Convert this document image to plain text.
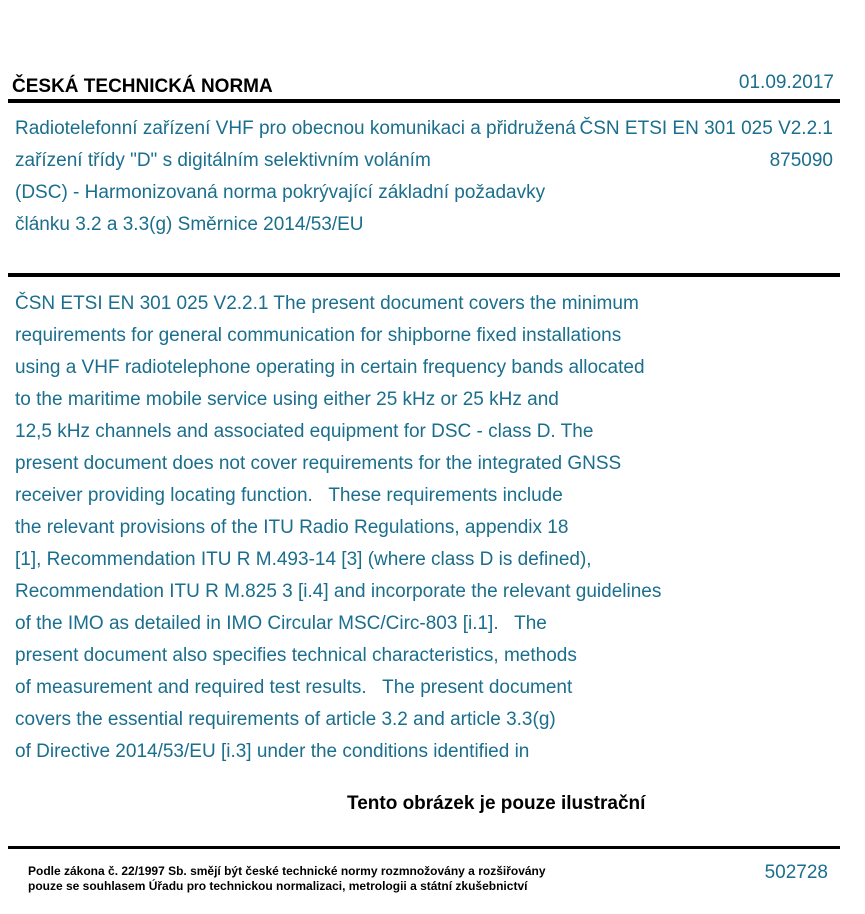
ČESKÁ TECHNICKÁ NORMA	01.09.2017
Radiotelefonní zařízení VHF pro obecnou komunikaci a přidružená
zařízení třídy "D" s digitálním selektivním voláním
(DSC) - Harmonizovaná norma pokrývající základní požadavky
článku 3.2 a 3.3(g) Směrnice 2014/53/EU
ČSN ETSI EN 301 025 V2.2.1
875090
ČSN ETSI EN 301 025 V2.2.1 The present document covers the minimum
requirements for general communication for shipborne fixed installations
using a VHF radiotelephone operating in certain frequency bands allocated
to the maritime mobile service using either 25 kHz or 25 kHz and
12,5 kHz channels and associated equipment for DSC - class D. The
present document does not cover requirements for the integrated GNSS
receiver providing locating function.   These requirements include
the relevant provisions of the ITU Radio Regulations, appendix 18
[1], Recommendation ITU R M.493-14 [3] (where class D is defined),
Recommendation ITU R M.825 3 [i.4] and incorporate the relevant guidelines
of the IMO as detailed in IMO Circular MSC/Circ-803 [i.1].   The
present document also specifies technical characteristics, methods
of measurement and required test results.   The present document
covers the essential requirements of article 3.2 and article 3.3(g)
of Directive 2014/53/EU [i.3] under the conditions identified in
Tento obrázek je pouze ilustrační
Podle zákona č. 22/1997 Sb. smějí být české technické normy rozmnožovány a rozšiřovány
pouze se souhlasem Úřadu pro technickou normalizaci, metrologii a státní zkušebnictví
502728
